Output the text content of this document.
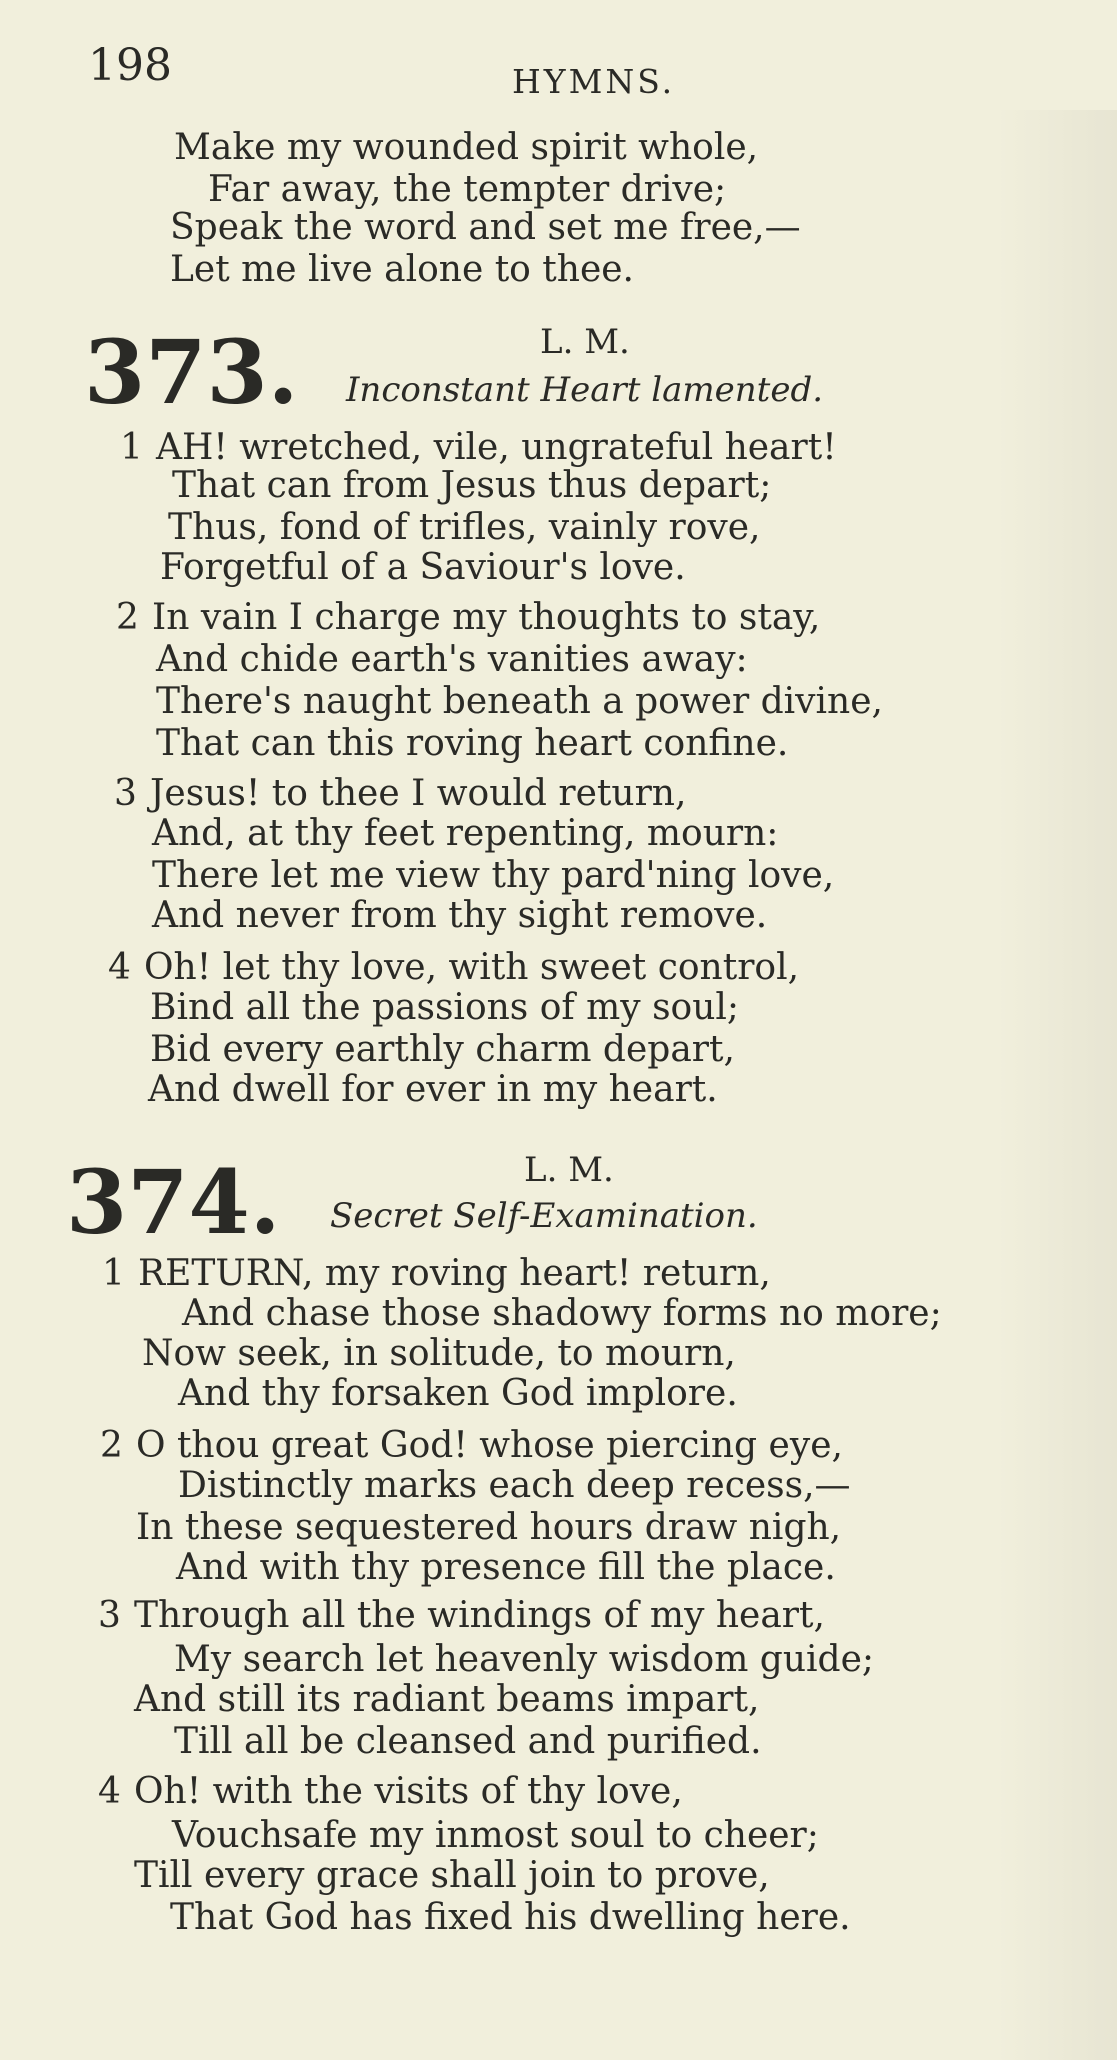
198	HYMNS.
Make my wounded spirit whole,
Far away, the tempter drive;
Speak the word and set me free,—
Let me live alone to thee.
373.	L. M.
Inconstant Heart lamented.
1 AH! wretched, vile, ungrateful heart!
That can from Jesus thus depart;
Thus, fond of trifles, vainly rove,
Forgetful of a Saviour's love.
2 In vain I charge my thoughts to stay,
And chide earth's vanities away:
There's naught beneath a power divine,
That can this roving heart confine.
3 Jesus! to thee I would return,
And, at thy feet repenting, mourn:
There let me view thy pard'ning love,
And never from thy sight remove.
4 Oh! let thy love, with sweet control,
Bind all the passions of my soul;
Bid every earthly charm depart,
And dwell for ever in my heart.
374.	L. M.
Secret Self-Examination.
1 RETURN, my roving heart! return,
And chase those shadowy forms no more;
Now seek, in solitude, to mourn,
And thy forsaken God implore.
2 O thou great God! whose piercing eye,
Distinctly marks each deep recess,—
In these sequestered hours draw nigh,
And with thy presence fill the place.
3 Through all the windings of my heart,
My search let heavenly wisdom guide;
And still its radiant beams impart,
Till all be cleansed and purified.
4 Oh! with the visits of thy love,
Vouchsafe my inmost soul to cheer;
Till every grace shall join to prove,
That God has fixed his dwelling here.
